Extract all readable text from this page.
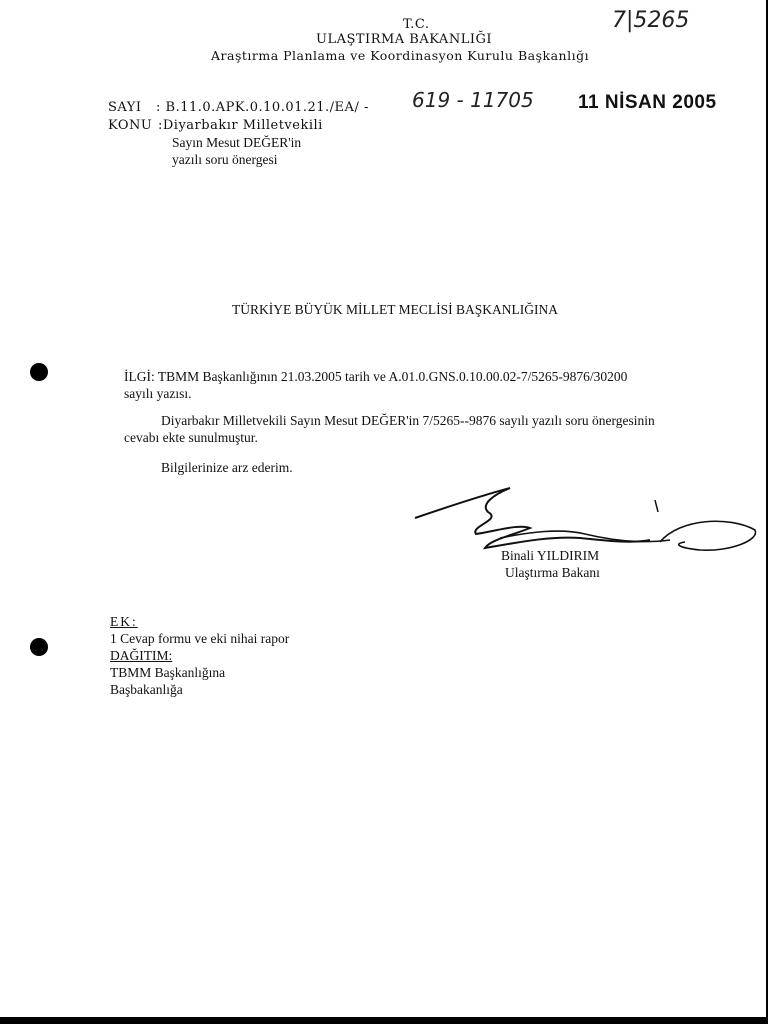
T.C.
ULAŞTIRMA BAKANLIĞI
Araştırma Planlama ve Koordinasyon Kurulu Başkanlığı
7|5265
SAYI : B.11.0.APK.0.10.01.21./EA/ - 619 - 11705 11 NİSAN 2005
KONU :Diyarbakır Milletvekili
Sayın Mesut DEĞER'in
yazılı soru önergesi
TÜRKİYE BÜYÜK MİLLET MECLİSİ BAŞKANLIĞINA
İLGİ: TBMM Başkanlığının 21.03.2005 tarih ve A.01.0.GNS.0.10.00.02-7/5265-9876/30200
sayılı yazısı.
Diyarbakır Milletvekili Sayın Mesut DEĞER'in 7/5265--9876 sayılı yazılı soru önergesinin
cevabı ekte sunulmuştur.
Bilgilerinize arz ederim.
Binali YILDIRIM
Ulaştırma Bakanı
EK:
1 Cevap formu ve eki nihai rapor
DAĞITIM:
TBMM Başkanlığına
Başbakanlığa
